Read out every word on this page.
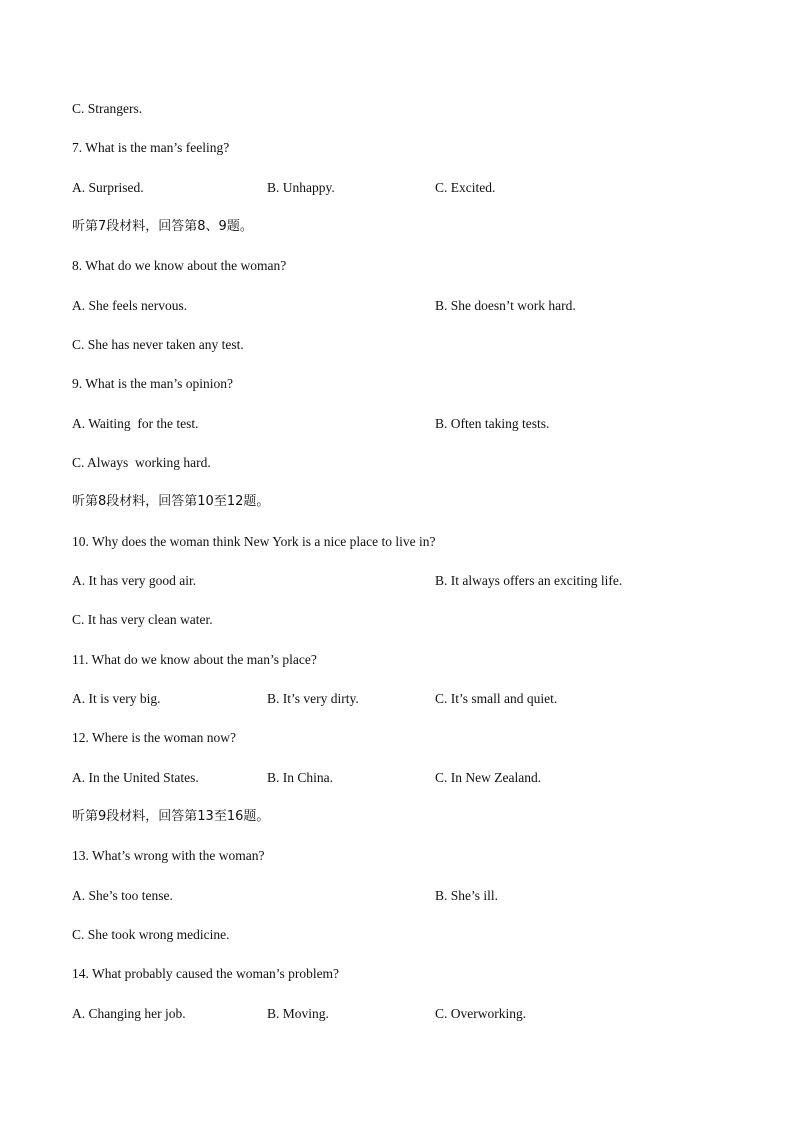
C. Strangers.
7. What is the man’s feeling?
A. Surprised.	B. Unhappy.	C. Excited.
听第7段材料，回答第8、9题。
8. What do we know about the woman?
A. She feels nervous.	B. She doesn’t work hard.
C. She has never taken any test.
9. What is the man’s opinion?
A. Waiting  for the test.	B. Often taking tests.
C. Always  working hard.
听第8段材料，回答第10至12题。
10. Why does the woman think New York is a nice place to live in?
A. It has very good air.	B. It always offers an exciting life.
C. It has very clean water.
11. What do we know about the man’s place?
A. It is very big.	B. It’s very dirty.	C. It’s small and quiet.
12. Where is the woman now?
A. In the United States.	B. In China.	C. In New Zealand.
听第9段材料，回答第13至16题。
13. What’s wrong with the woman?
A. She’s too tense.	B. She’s ill.
C. She took wrong medicine.
14. What probably caused the woman’s problem?
A. Changing her job.	B. Moving.	C. Overworking.
